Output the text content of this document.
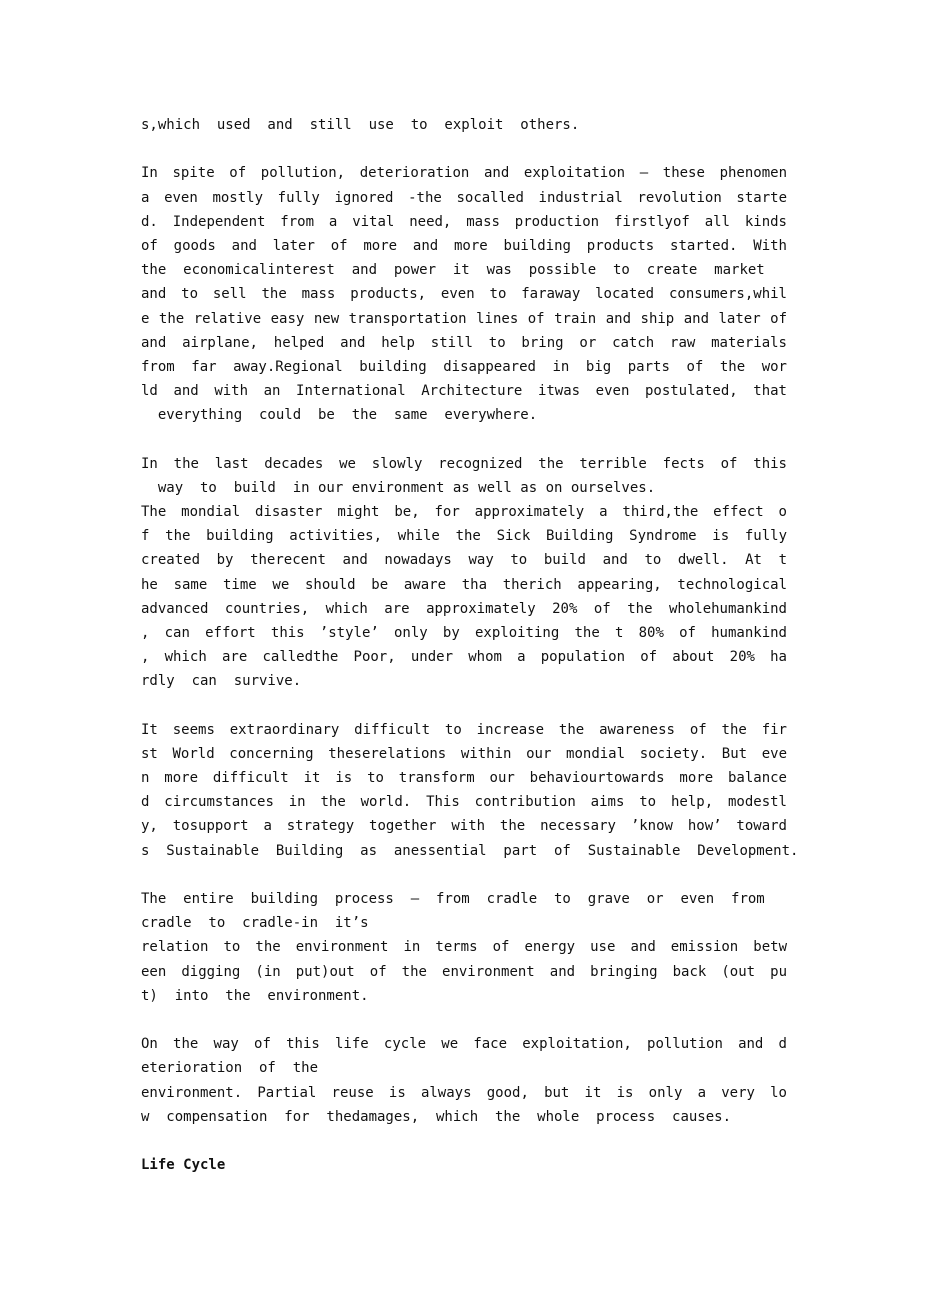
s,which  used  and  still  use  to  exploit  others.
In spite of pollution, deterioration and exploitation – these phenomen
a even mostly fully ignored -the socalled industrial revolution starte
d. Independent from a vital need, mass production firstlyof all kinds
of goods and later of more and more building products started. With
the  economicalinterest  and  power  it  was  possible  to  create  market
and to sell the mass products, even to faraway located consumers,whil
e the relative easy new transportation lines of train and ship and later of
and airplane, helped and help still to bring or catch raw materials
from far away.Regional building disappeared in big parts of the wor
ld and with an International Architecture itwas even postulated, that
everything  could  be  the  same  everywhere.
In the last decades we slowly recognized the terrible fects of this
way  to  build  in our environment as well as on ourselves.
The mondial disaster might be, for approximately a third,the effect o
f the building activities, while the Sick Building Syndrome is fully
created by therecent and nowadays way to build and to dwell. At t
he same time we should be aware tha therich appearing, technological
advanced countries, which are approximately 20% of the wholehumankind
, can effort this ’style’ only by exploiting the t 80% of humankind
, which are calledthe Poor, under whom a population of about 20% ha
rdly  can  survive.
It seems extraordinary difficult to increase the awareness of the fir
st World concerning theserelations within our mondial society. But eve
n more difficult it is to transform our behaviourtowards more balance
d circumstances in the world. This contribution aims to help, modestl
y, tosupport a strategy together with the necessary ’know how’ toward
s  Sustainable  Building  as  anessential  part  of  Sustainable  Development.
The  entire  building  process  –  from  cradle  to  grave  or  even  from
cradle  to  cradle-in  it’s
relation to the environment in terms of energy use and emission betw
een digging (in put)out of the environment and bringing back (out pu
t)  into  the  environment.
On the way of this life cycle we face exploitation, pollution and d
eterioration  of  the
environment. Partial reuse is always good, but it is only a very lo
w  compensation  for  thedamages,  which  the  whole  process  causes.
Life Cycle
